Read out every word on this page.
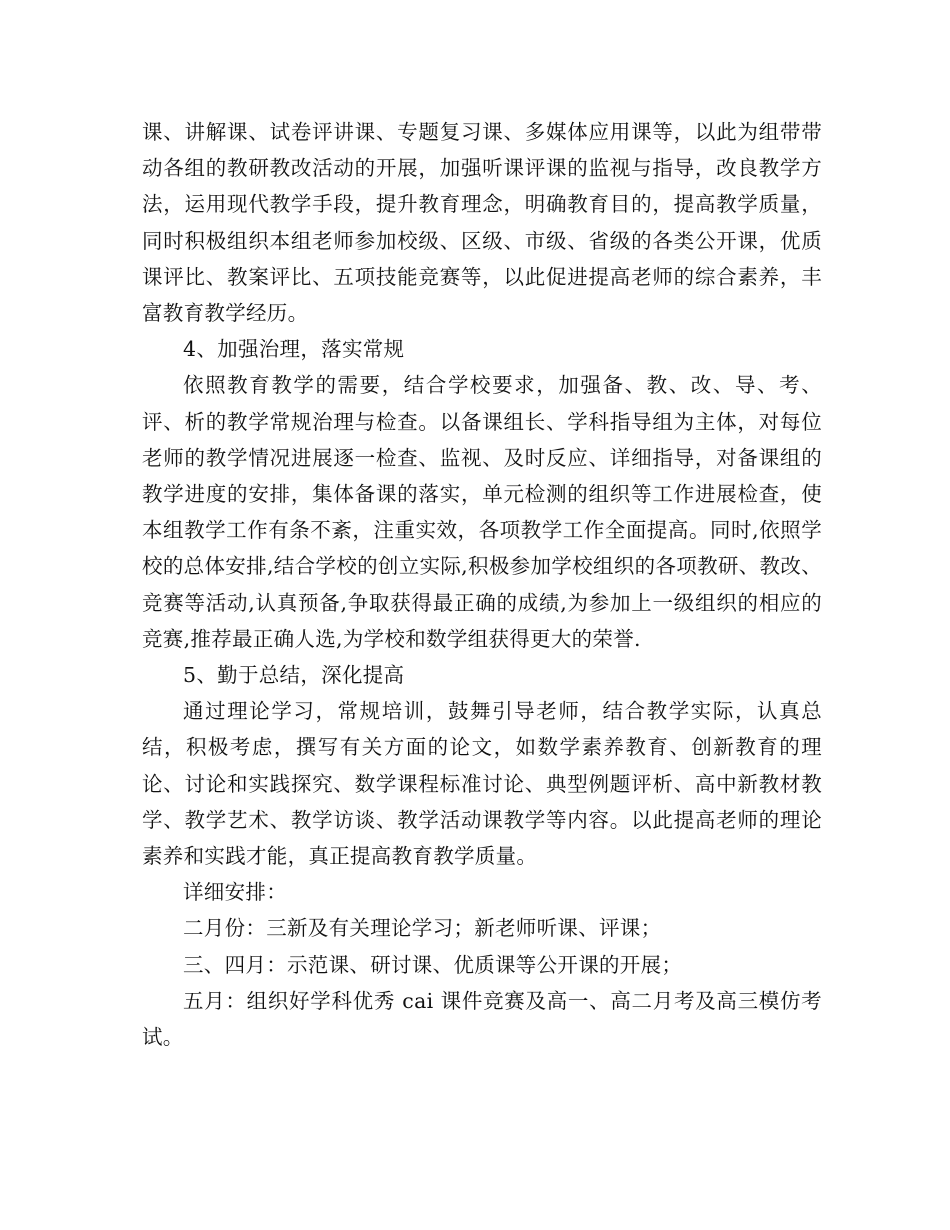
课、讲解课、试卷评讲课、专题复习课、多媒体应用课等，以此为组带带动各组的教研教改活动的开展，加强听课评课的监视与指导，改良教学方法，运用现代教学手段，提升教育理念，明确教育目的，提高教学质量，同时积极组织本组老师参加校级、区级、市级、省级的各类公开课，优质课评比、教案评比、五项技能竞赛等，以此促进提高老师的综合素养，丰富教育教学经历。

4、加强治理，落实常规

依照教育教学的需要，结合学校要求，加强备、教、改、导、考、评、析的教学常规治理与检查。以备课组长、学科指导组为主体，对每位老师的教学情况进展逐一检查、监视、及时反应、详细指导，对备课组的教学进度的安排，集体备课的落实，单元检测的组织等工作进展检查，使本组教学工作有条不紊，注重实效，各项教学工作全面提高。同时,依照学校的总体安排,结合学校的创立实际,积极参加学校组织的各项教研、教改、竞赛等活动,认真预备,争取获得最正确的成绩,为参加上一级组织的相应的竞赛,推荐最正确人选,为学校和数学组获得更大的荣誉.

5、勤于总结，深化提高

通过理论学习，常规培训，鼓舞引导老师，结合教学实际，认真总结，积极考虑，撰写有关方面的论文，如数学素养教育、创新教育的理论、讨论和实践探究、数学课程标准讨论、典型例题评析、高中新教材教学、教学艺术、教学访谈、教学活动课教学等内容。以此提高老师的理论素养和实践才能，真正提高教育教学质量。

详细安排：

二月份：三新及有关理论学习；新老师听课、评课；

三、四月：示范课、研讨课、优质课等公开课的开展；

五月：组织好学科优秀 cai 课件竞赛及高一、高二月考及高三模仿考试。
